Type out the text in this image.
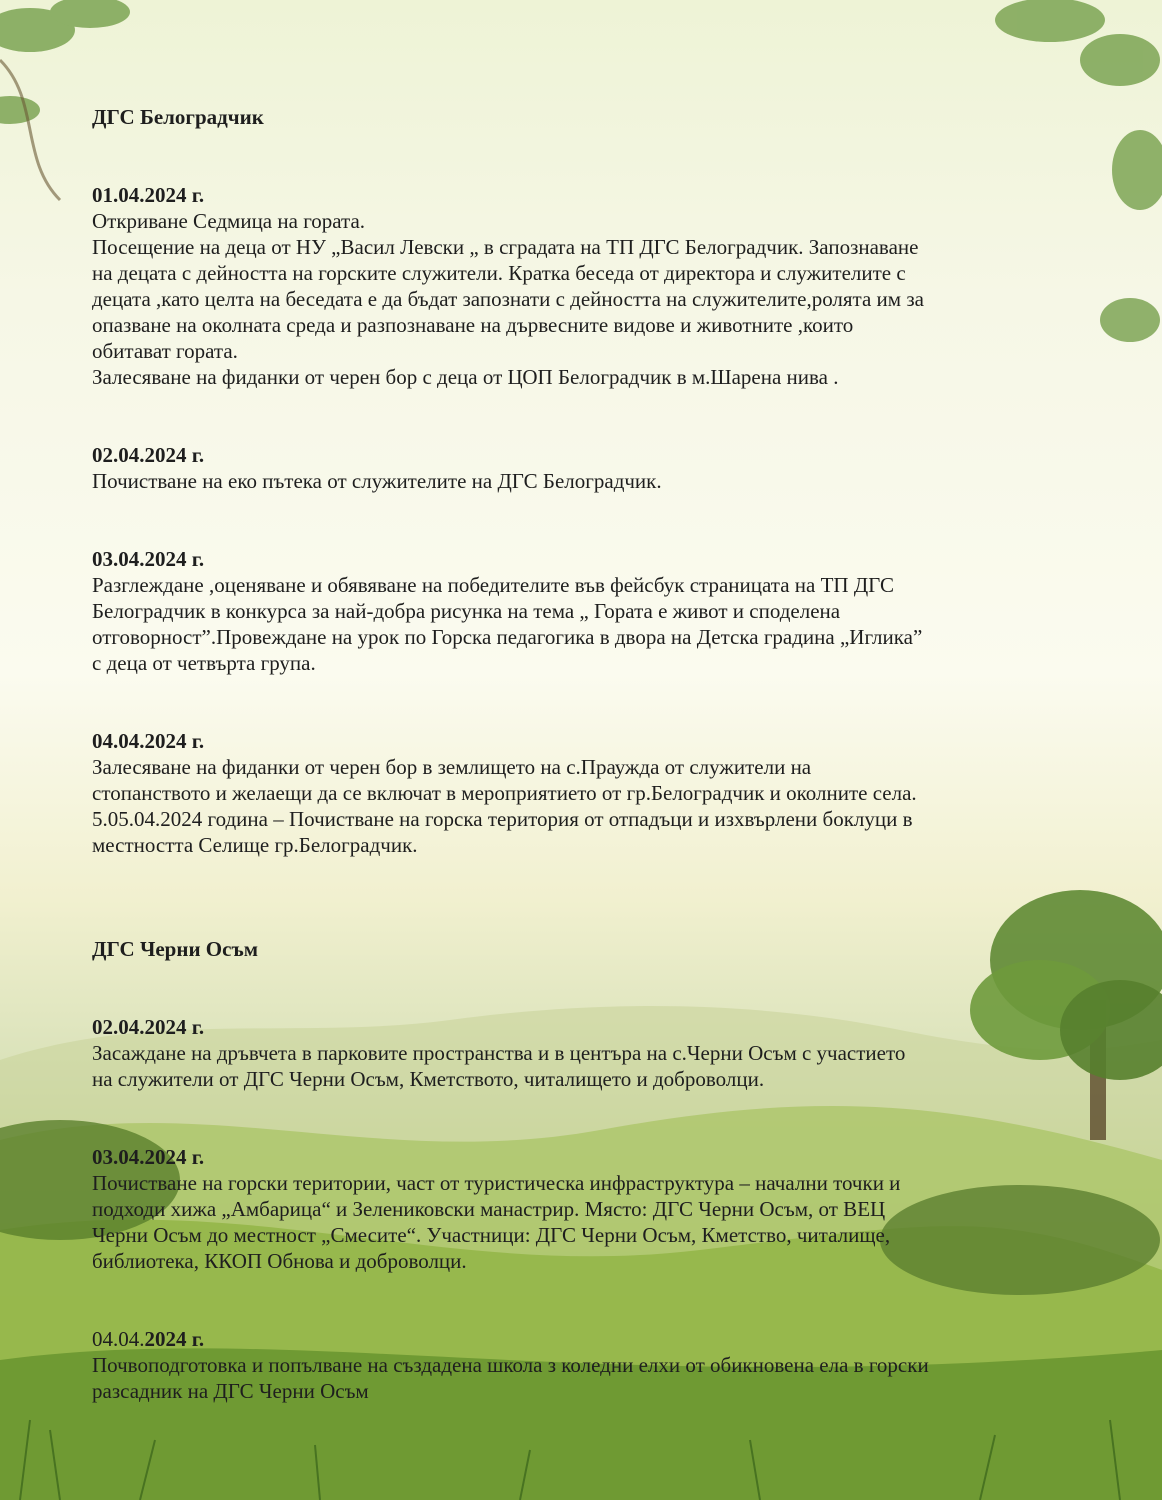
ДГС Белоградчик

01.04.2024 г.

Откриване Седмица на гората.

Посещение на деца от НУ „Васил Левски „ в сградата на ТП ДГС Белоградчик. Запознаване

на децата с дейността на горските служители. Кратка беседа от директора и служителите с

децата ,като целта на беседата е да бъдат запознати с дейността на служителите,ролята им за

опазване на околната среда и разпознаване на дървесните видове и животните ,които

обитават гората.

Залесяване на фиданки от черен бор с деца от ЦОП Белоградчик в м.Шарена нива .

02.04.2024 г.

Почистване на еко пътека от служителите на ДГС Белоградчик.

03.04.2024 г.

Разглеждане ,оценяване и обявяване на победителите във фейсбук страницата на ТП ДГС

Белоградчик в конкурса за най-добра рисунка на тема „ Гората е живот и споделена

отговорност”.Провеждане на урок по Горска педагогика в двора на Детска градина „Иглика”

с деца от четвърта група.

04.04.2024 г.

Залесяване на фиданки от черен бор в землището на с.Праужда от служители на

стопанството и желаещи да се включат в мероприятието от гр.Белоградчик и околните села.

5.05.04.2024 година – Почистване на горска територия от отпадъци и изхвърлени боклуци в

местността Селище гр.Белоградчик.

ДГС Черни Осъм

02.04.2024 г.

Засаждане на дръвчета в парковите пространства и в центъра на с.Черни Осъм с участието

на служители от ДГС Черни Осъм, Кметството, читалището и доброволци.

03.04.2024 г.

Почистване на горски територии, част от туристическа инфраструктура – начални точки и

подходи хижа „Амбарица“ и Зелениковски манастрир. Място: ДГС Черни Осъм, от ВЕЦ

Черни Осъм до местност „Смесите“. Участници: ДГС Черни Осъм, Кметство, читалище,

библиотека, ККОП Обнова и доброволци.

04.04.2024 г.

Почвоподготовка и попълване на създадена школа з коледни елхи от обикновена ела в горски

разсадник на ДГС Черни Осъм
